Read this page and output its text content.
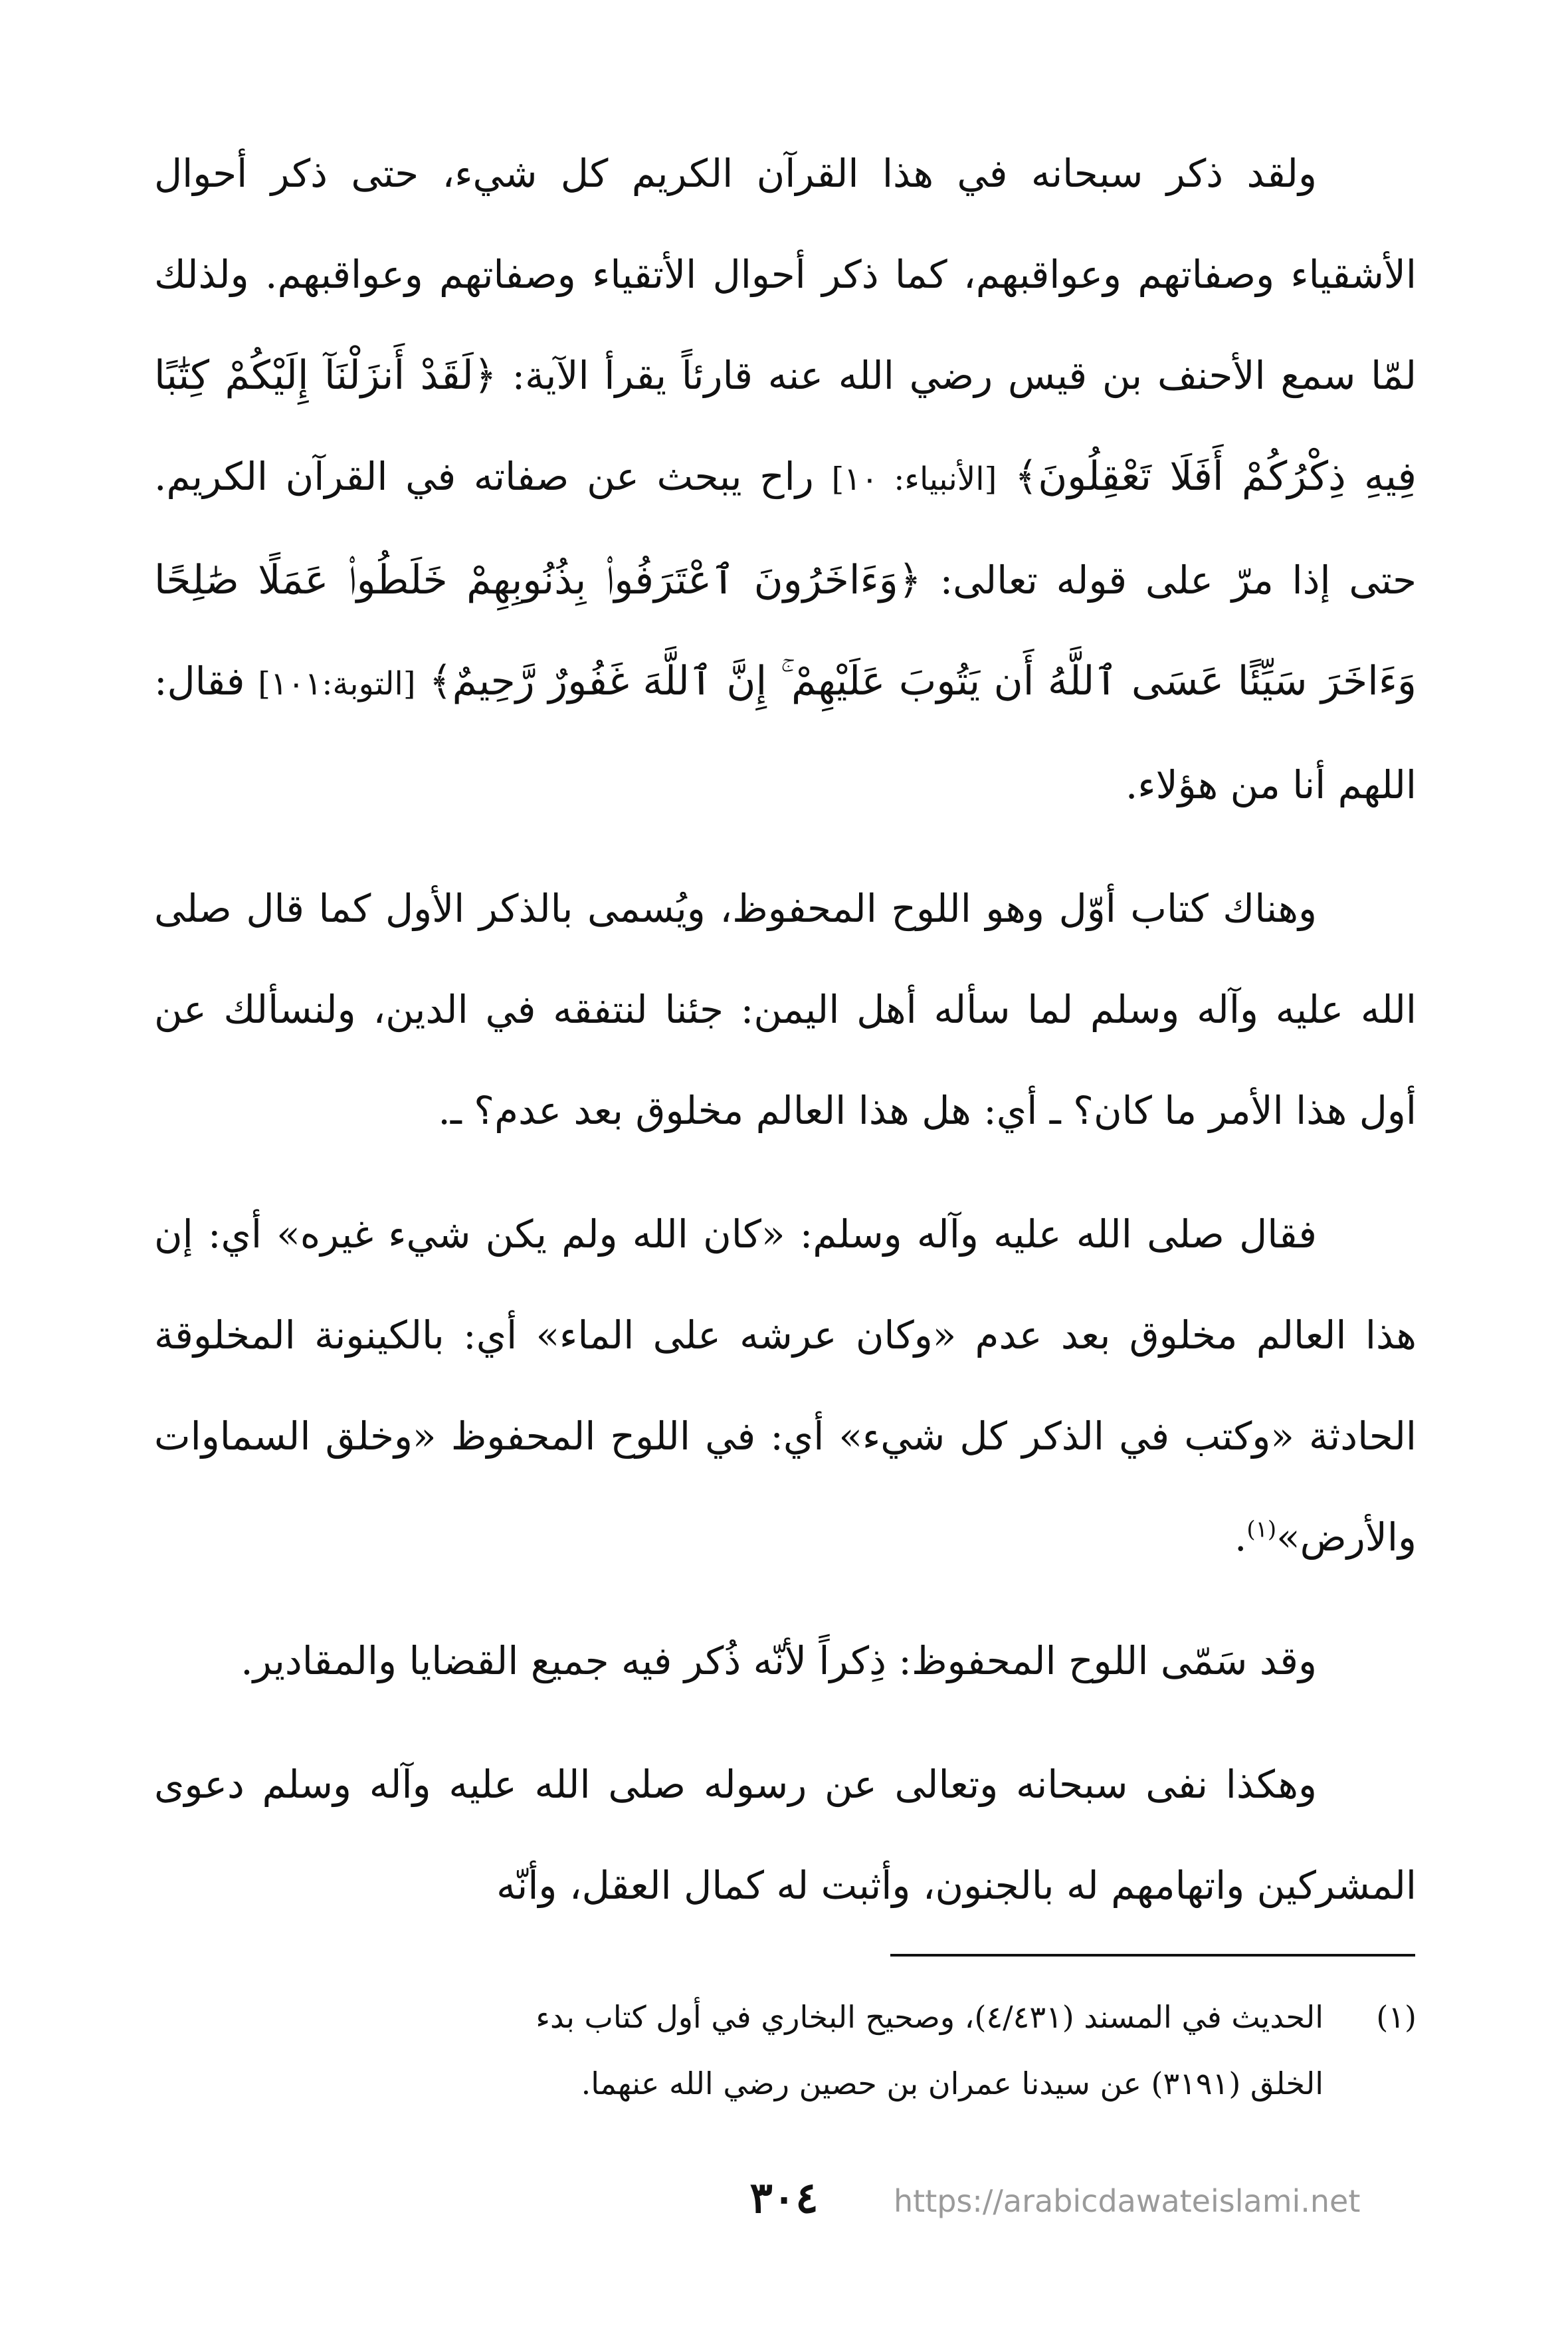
ولقد ذكر سبحانه في هذا القرآن الكريم كل شيء، حتى ذكر أحوال الأشقياء وصفاتهم وعواقبهم، كما ذكر أحوال الأتقياء وصفاتهم وعواقبهم. ولذلك لمّا سمع الأحنف بن قيس رضي الله عنه قارئاً يقرأ الآية: ﴿لَقَدْ أَنزَلْنَآ إِلَيْكُمْ كِتَٰبًا فِيهِ ذِكْرُكُمْ أَفَلَا تَعْقِلُونَ﴾ [الأنبياء: ١٠] راح يبحث عن صفاته في القرآن الكريم. حتى إذا مرّ على قوله تعالى: ﴿وَءَاخَرُونَ ٱعْتَرَفُوا۟ بِذُنُوبِهِمْ خَلَطُوا۟ عَمَلًا صَٰلِحًا وَءَاخَرَ سَيِّئًا عَسَى ٱللَّهُ أَن يَتُوبَ عَلَيْهِمْ ۚ إِنَّ ٱللَّهَ غَفُورٌ رَّحِيمٌ﴾ [التوبة:١٠١] فقال: اللهم أنا من هؤلاء.

وهناك كتاب أوّل وهو اللوح المحفوظ، ويُسمى بالذكر الأول كما قال صلى الله عليه وآله وسلم لما سأله أهل اليمن: جئنا لنتفقه في الدين، ولنسألك عن أول هذا الأمر ما كان؟ ـ أي: هل هذا العالم مخلوق بعد عدم؟ ـ.

فقال صلى الله عليه وآله وسلم: «كان الله ولم يكن شيء غيره» أي: إن هذا العالم مخلوق بعد عدم «وكان عرشه على الماء» أي: بالكينونة المخلوقة الحادثة «وكتب في الذكر كل شيء» أي: في اللوح المحفوظ «وخلق السماوات والأرض»$^{(١)}$.

وقد سَمّى اللوح المحفوظ: ذِكراً لأنّه ذُكر فيه جميع القضايا والمقادير.

وهكذا نفى سبحانه وتعالى عن رسوله صلى الله عليه وآله وسلم دعوى المشركين واتهامهم له بالجنون، وأثبت له كمال العقل، وأنّه

(١)الحديث في المسند (٤/٤٣١)، وصحيح البخاري في أول كتاب بدء

الخلق (٣١٩١) عن سيدنا عمران بن حصين رضي الله عنهما.

٣٠٤	https://arabicdawateislami.net
